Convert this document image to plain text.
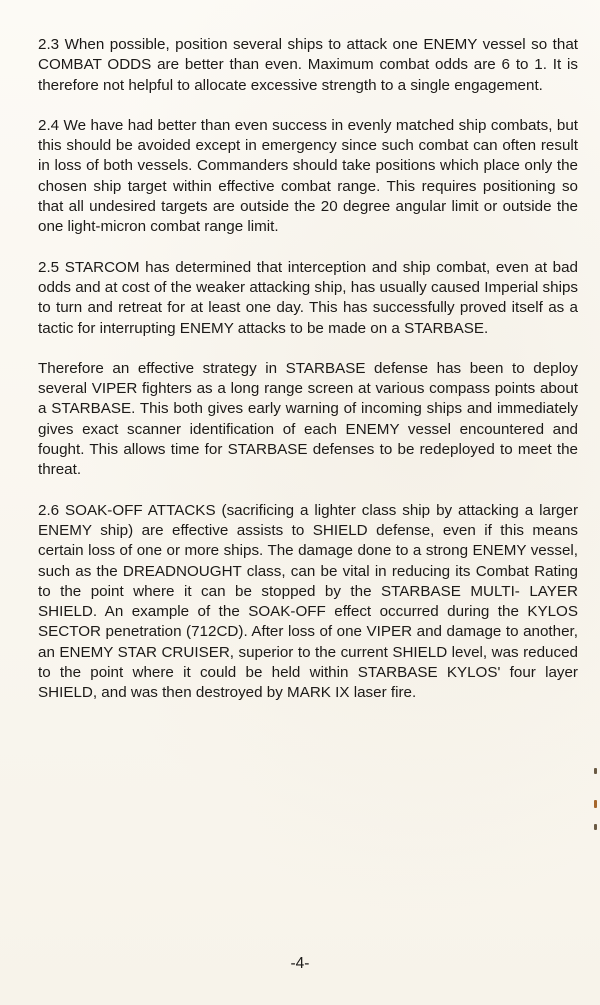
2.3 When possible, position several ships to attack one ENEMY vessel so that COMBAT ODDS are better than even. Maximum combat odds are 6 to 1. It is therefore not helpful to allocate excessive strength to a single engagement.

2.4 We have had better than even success in evenly matched ship combats, but this should be avoided except in emergency since such combat can often result in loss of both vessels. Commanders should take positions which place only the chosen ship target within effective combat range. This requires positioning so that all undesired targets are outside the 20 degree angular limit or outside the one light-micron combat range limit.

2.5 STARCOM has determined that interception and ship combat, even at bad odds and at cost of the weaker attacking ship, has usually caused Imperial ships to turn and retreat for at least one day. This has successfully proved itself as a tactic for interrupting ENEMY attacks to be made on a STARBASE.

Therefore an effective strategy in STARBASE defense has been to deploy several VIPER fighters as a long range screen at various compass points about a STARBASE. This both gives early warning of incoming ships and immediately gives exact scanner identification of each ENEMY vessel encountered and fought. This allows time for STARBASE defenses to be redeployed to meet the threat.

2.6 SOAK-OFF ATTACKS (sacrificing a lighter class ship by attacking a larger ENEMY ship) are effective assists to SHIELD defense, even if this means certain loss of one or more ships. The damage done to a strong ENEMY vessel, such as the DREADNOUGHT class, can be vital in reducing its Combat Rating to the point where it can be stopped by the STARBASE MULTI- LAYER SHIELD. An example of the SOAK-OFF effect occurred during the KYLOS SECTOR penetration (712CD). After loss of one VIPER and damage to another, an ENEMY STAR CRUISER, superior to the current SHIELD level, was reduced to the point where it could be held within STARBASE KYLOS' four layer SHIELD, and was then destroyed by MARK IX laser fire.

-4-
